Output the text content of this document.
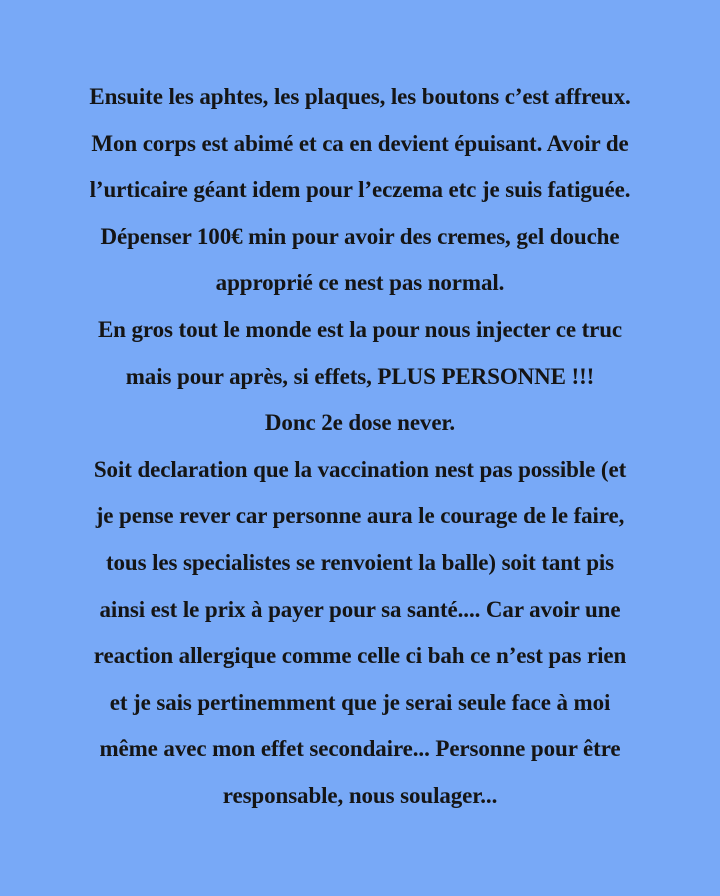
Ensuite les aphtes, les plaques, les boutons c’est affreux.
Mon corps est abimé et ca en devient épuisant. Avoir de
l’urticaire géant idem pour l’eczema etc je suis fatiguée.
Dépenser 100€ min pour avoir des cremes, gel douche
approprié ce nest pas normal.
En gros tout le monde est la pour nous injecter ce truc
mais pour après, si effets, PLUS PERSONNE !!!
Donc 2e dose never.
Soit declaration que la vaccination nest pas possible (et
je pense rever car personne aura le courage de le faire,
tous les specialistes se renvoient la balle) soit tant pis
ainsi est le prix à payer pour sa santé.... Car avoir une
reaction allergique comme celle ci bah ce n’est pas rien
et je sais pertinemment que je serai seule face à moi
même avec mon effet secondaire... Personne pour être
responsable, nous soulager...
